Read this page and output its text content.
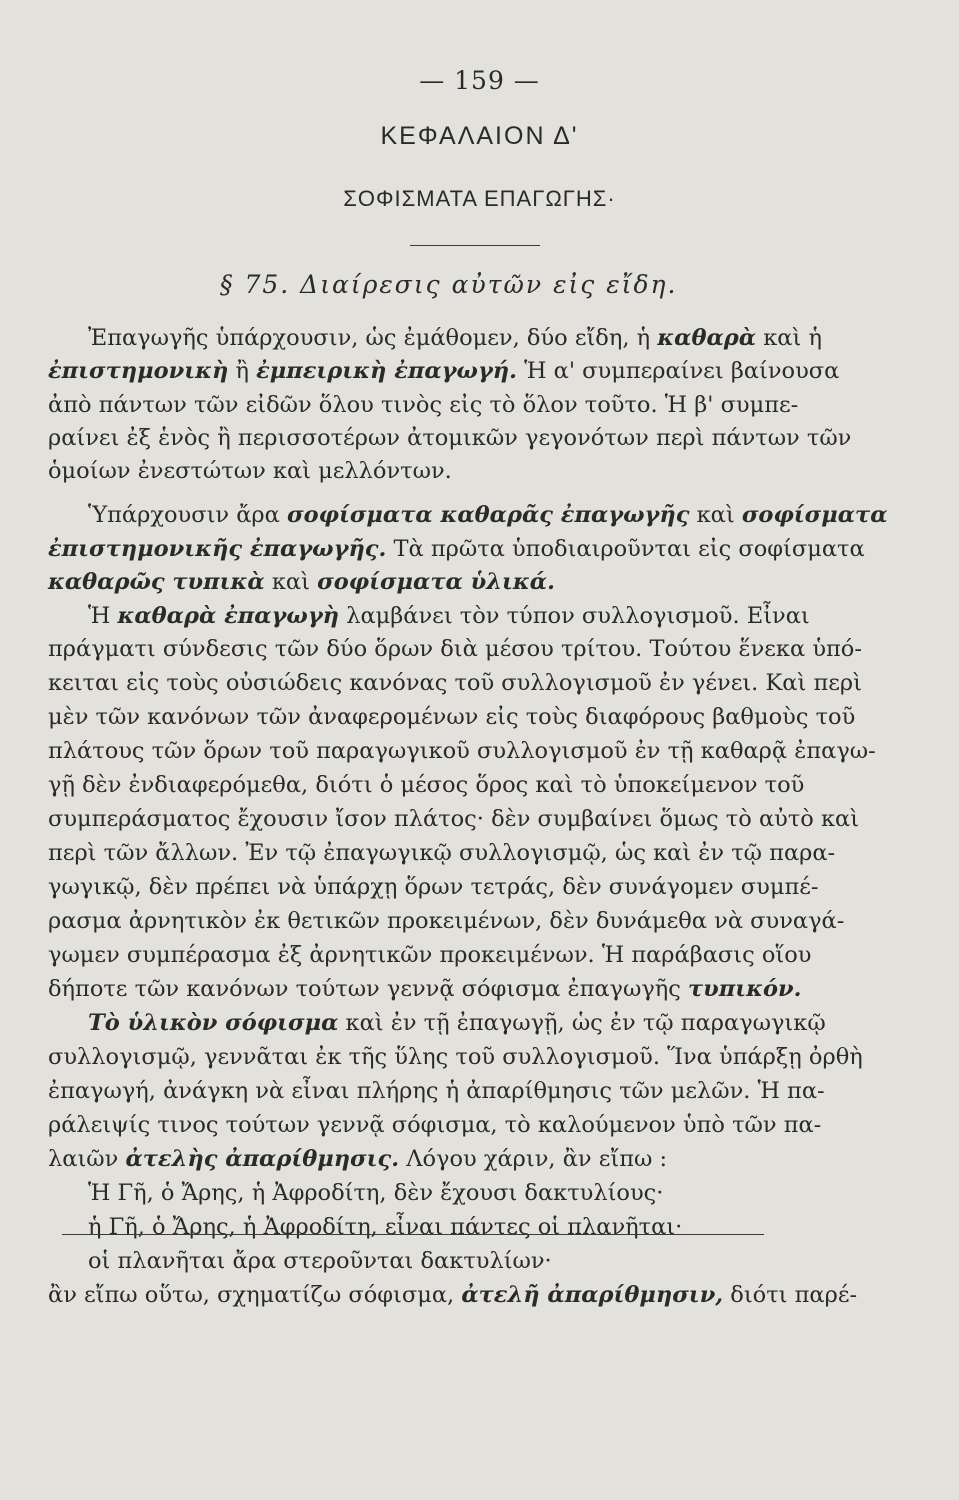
— 159 —
ΚΕΦΑΛΑΙΟΝ Δ'
ΣΟΦΙΣΜΑΤΑ ΕΠΑΓΩΓΗΣ·
§ 75. Διαίρεσις αὐτῶν εἰς εἴδη.
Ἐπαγωγῆς ὑπάρχουσιν, ὡς ἐμάθομεν, δύο εἴδη, ἡ καθαρὰ καὶ ἡ
ἐπιστημονικὴ ἢ ἐμπειρικὴ ἐπαγωγή. Ἡ α' συμπεραίνει βαίνουσα
ἀπὸ πάντων τῶν εἰδῶν ὅλου τινὸς εἰς τὸ ὅλον τοῦτο. Ἡ β' συμπε-
ραίνει ἐξ ἑνὸς ἢ περισσοτέρων ἀτομικῶν γεγονότων περὶ πάντων τῶν
ὁμοίων ἐνεστώτων καὶ μελλόντων.
Ὑπάρχουσιν ἄρα σοφίσματα καθαρᾶς ἐπαγωγῆς καὶ σοφίσματα
ἐπιστημονικῆς ἐπαγωγῆς. Τὰ πρῶτα ὑποδιαιροῦνται εἰς σοφίσματα
καθαρῶς τυπικὰ καὶ σοφίσματα ὑλικά.
Ἡ καθαρὰ ἐπαγωγὴ λαμβάνει τὸν τύπον συλλογισμοῦ. Εἶναι
πράγματι σύνδεσις τῶν δύο ὅρων διὰ μέσου τρίτου. Τούτου ἕνεκα ὑπό-
κειται εἰς τοὺς οὐσιώδεις κανόνας τοῦ συλλογισμοῦ ἐν γένει. Καὶ περὶ
μὲν τῶν κανόνων τῶν ἀναφερομένων εἰς τοὺς διαφόρους βαθμοὺς τοῦ
πλάτους τῶν ὅρων τοῦ παραγωγικοῦ συλλογισμοῦ ἐν τῇ καθαρᾷ ἐπαγω-
γῇ δὲν ἐνδιαφερόμεθα, διότι ὁ μέσος ὅρος καὶ τὸ ὑποκείμενον τοῦ
συμπεράσματος ἔχουσιν ἴσον πλάτος· δὲν συμβαίνει ὅμως τὸ αὐτὸ καὶ
περὶ τῶν ἄλλων. Ἐν τῷ ἐπαγωγικῷ συλλογισμῷ, ὡς καὶ ἐν τῷ παρα-
γωγικῷ, δὲν πρέπει νὰ ὑπάρχῃ ὅρων τετράς, δὲν συνάγομεν συμπέ-
ρασμα ἀρνητικὸν ἐκ θετικῶν προκειμένων, δὲν δυνάμεθα νὰ συναγά-
γωμεν συμπέρασμα ἐξ ἀρνητικῶν προκειμένων. Ἡ παράβασις οἵου
δήποτε τῶν κανόνων τούτων γεννᾷ σόφισμα ἐπαγωγῆς τυπικόν.
Τὸ ὑλικὸν σόφισμα καὶ ἐν τῇ ἐπαγωγῇ, ὡς ἐν τῷ παραγωγικῷ
συλλογισμῷ, γεννᾶται ἐκ τῆς ὕλης τοῦ συλλογισμοῦ. Ἵνα ὑπάρξῃ ὀρθὴ
ἐπαγωγή, ἀνάγκη νὰ εἶναι πλήρης ἡ ἀπαρίθμησις τῶν μελῶν. Ἡ πα-
ράλειψίς τινος τούτων γεννᾷ σόφισμα, τὸ καλούμενον ὑπὸ τῶν πα-
λαιῶν ἀτελὴς ἀπαρίθμησις. Λόγου χάριν, ἂν εἴπω :
Ἡ Γῆ, ὁ Ἄρης, ἡ Ἀφροδίτη, δὲν ἔχουσι δακτυλίους·
ἡ Γῆ, ὁ Ἄρης, ἡ Ἀφροδίτη, εἶναι πάντες οἱ πλανῆται·
οἱ πλανῆται ἄρα στεροῦνται δακτυλίων·
ἂν εἴπω οὕτω, σχηματίζω σόφισμα, ἀτελῆ ἀπαρίθμησιν, διότι παρέ-
